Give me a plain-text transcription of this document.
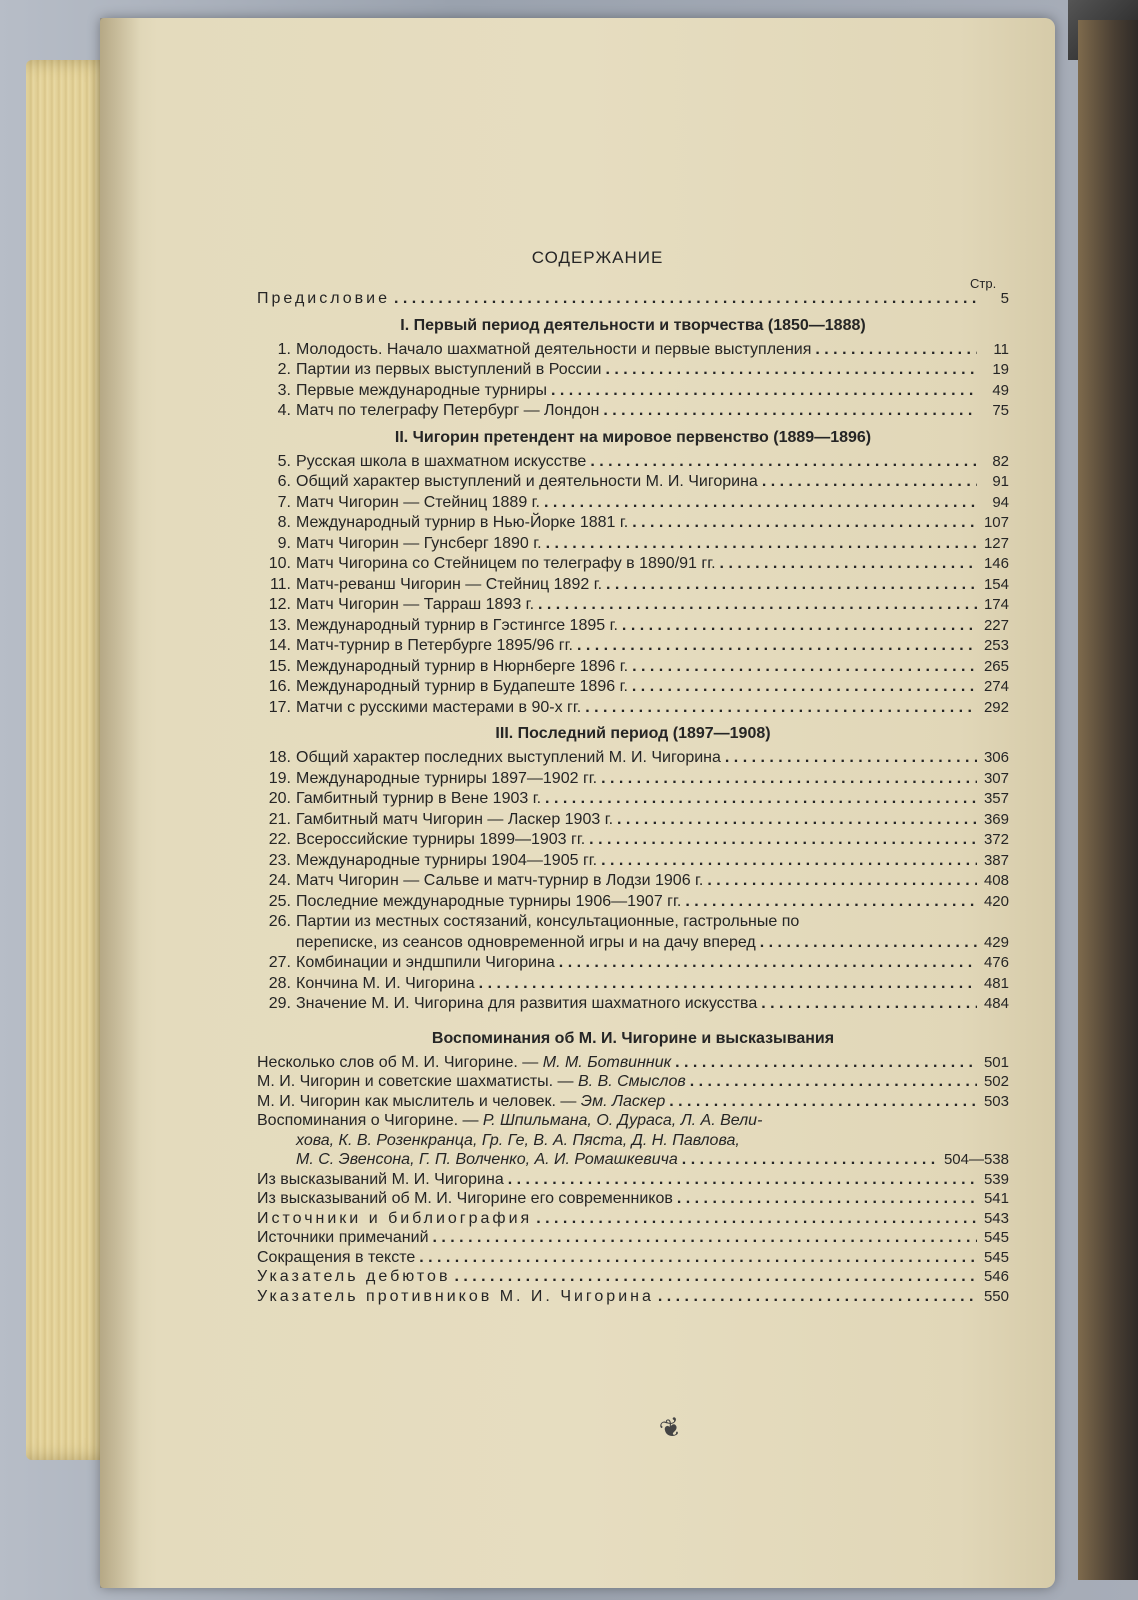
СОДЕРЖАНИЕ
Стр.
Предисловие . . .	5
I. Первый период деятельности и творчества (1850—1888)
1. Молодость. Начало шахматной деятельности и первые выступления . . .	11
2. Партии из первых выступлений в России . . .	19
3. Первые международные турниры . . .	49
4. Матч по телеграфу Петербург — Лондон . . .	75
II. Чигорин претендент на мировое первенство (1889—1896)
5. Русская школа в шахматном искусстве . . .	82
6. Общий характер выступлений и деятельности М. И. Чигорина . . .	91
7. Матч Чигорин — Стейниц 1889 г. . . .	94
8. Международный турнир в Нью-Йорке 1881 г. . . .	107
9. Матч Чигорин — Гунсберг 1890 г. . . .	127
10. Матч Чигорина со Стейницем по телеграфу в 1890/91 гг. . . .	146
11. Матч-реванш Чигорин — Стейниц 1892 г. . . .	154
12. Матч Чигорин — Тарраш 1893 г. . . .	174
13. Международный турнир в Гэстингсе 1895 г. . . .	227
14. Матч-турнир в Петербурге 1895/96 гг. . . .	253
15. Международный турнир в Нюрнберге 1896 г. . . .	265
16. Международный турнир в Будапеште 1896 г. . . .	274
17. Матчи с русскими мастерами в 90-х гг. . . .	292
III. Последний период (1897—1908)
18. Общий характер последних выступлений М. И. Чигорина . . .	306
19. Международные турниры 1897—1902 гг. . . .	307
20. Гамбитный турнир в Вене 1903 г. . . .	357
21. Гамбитный матч Чигорин — Ласкер 1903 г. . . .	369
22. Всероссийские турниры 1899—1903 гг. . . .	372
23. Международные турниры 1904—1905 гг. . . .	387
24. Матч Чигорин — Сальве и матч-турнир в Лодзи 1906 г. . . .	408
25. Последние международные турниры 1906—1907 гг. . . .	420
26. Партии из местных состязаний, консультационные, гастрольные по
переписке, из сеансов одновременной игры и на дачу вперед . . .	429
27. Комбинации и эндшпили Чигорина . . .	476
28. Кончина М. И. Чигорина . . .	481
29. Значение М. И. Чигорина для развития шахматного искусства . . .	484
Воспоминания об М. И. Чигорине и высказывания
Несколько слов об М. И. Чигорине. — М. М. Ботвинник . . .	501
М. И. Чигорин и советские шахматисты. — В. В. Смыслов . . .	502
М. И. Чигорин как мыслитель и человек. — Эм. Ласкер . . .	503
Воспоминания о Чигорине. — Р. Шпильмана, О. Дураса, Л. А. Вели-
хова, К. В. Розенкранца, Гр. Ге, В. А. Пяста, Д. Н. Павлова,
М. С. Эвенсона, Г. П. Волченко, А. И. Ромашкевича . . .	504—538
Из высказываний М. И. Чигорина . . .	539
Из высказываний об М. И. Чигорине его современников . . .	541
Источники и библиография . . .	543
Источники примечаний . . .	545
Сокращения в тексте . . .	545
Указатель дебютов . . .	546
Указатель противников М. И. Чигорина . . .	550
❦
